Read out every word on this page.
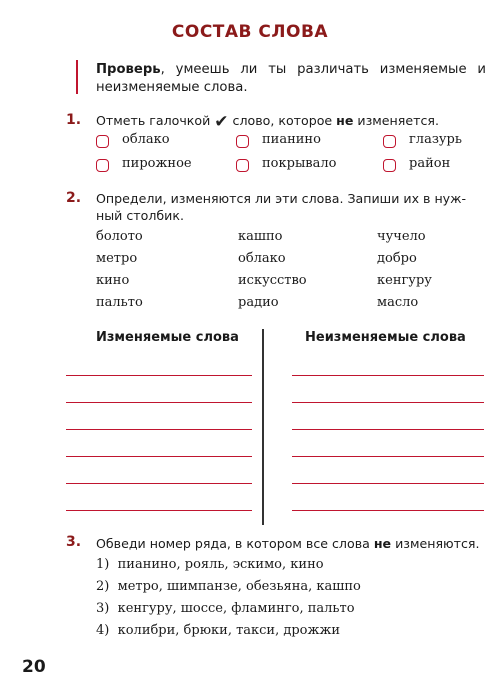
СОСТАВ СЛОВА
Проверь, умеешь ли ты различать изменяемые и неизменяемые слова.
1. Отметь галочкой ✔ слово, которое не изменяется.
облако	пианино	глазурь
пирожное	покрывало	район
2. Определи, изменяются ли эти слова. Запиши их в нуж-
ный столбик.
болото	кашпо	чучело
метро	облако	добро
кино	искусство	кенгуру
пальто	радио	масло
Изменяемые слова	Неизменяемые слова
3. Обведи номер ряда, в котором все слова не изменяются.
1) пианино, рояль, эскимо, кино
2) метро, шимпанзе, обезьяна, кашпо
3) кенгуру, шоссе, фламинго, пальто
4) колибри, брюки, такси, дрожжи
20
